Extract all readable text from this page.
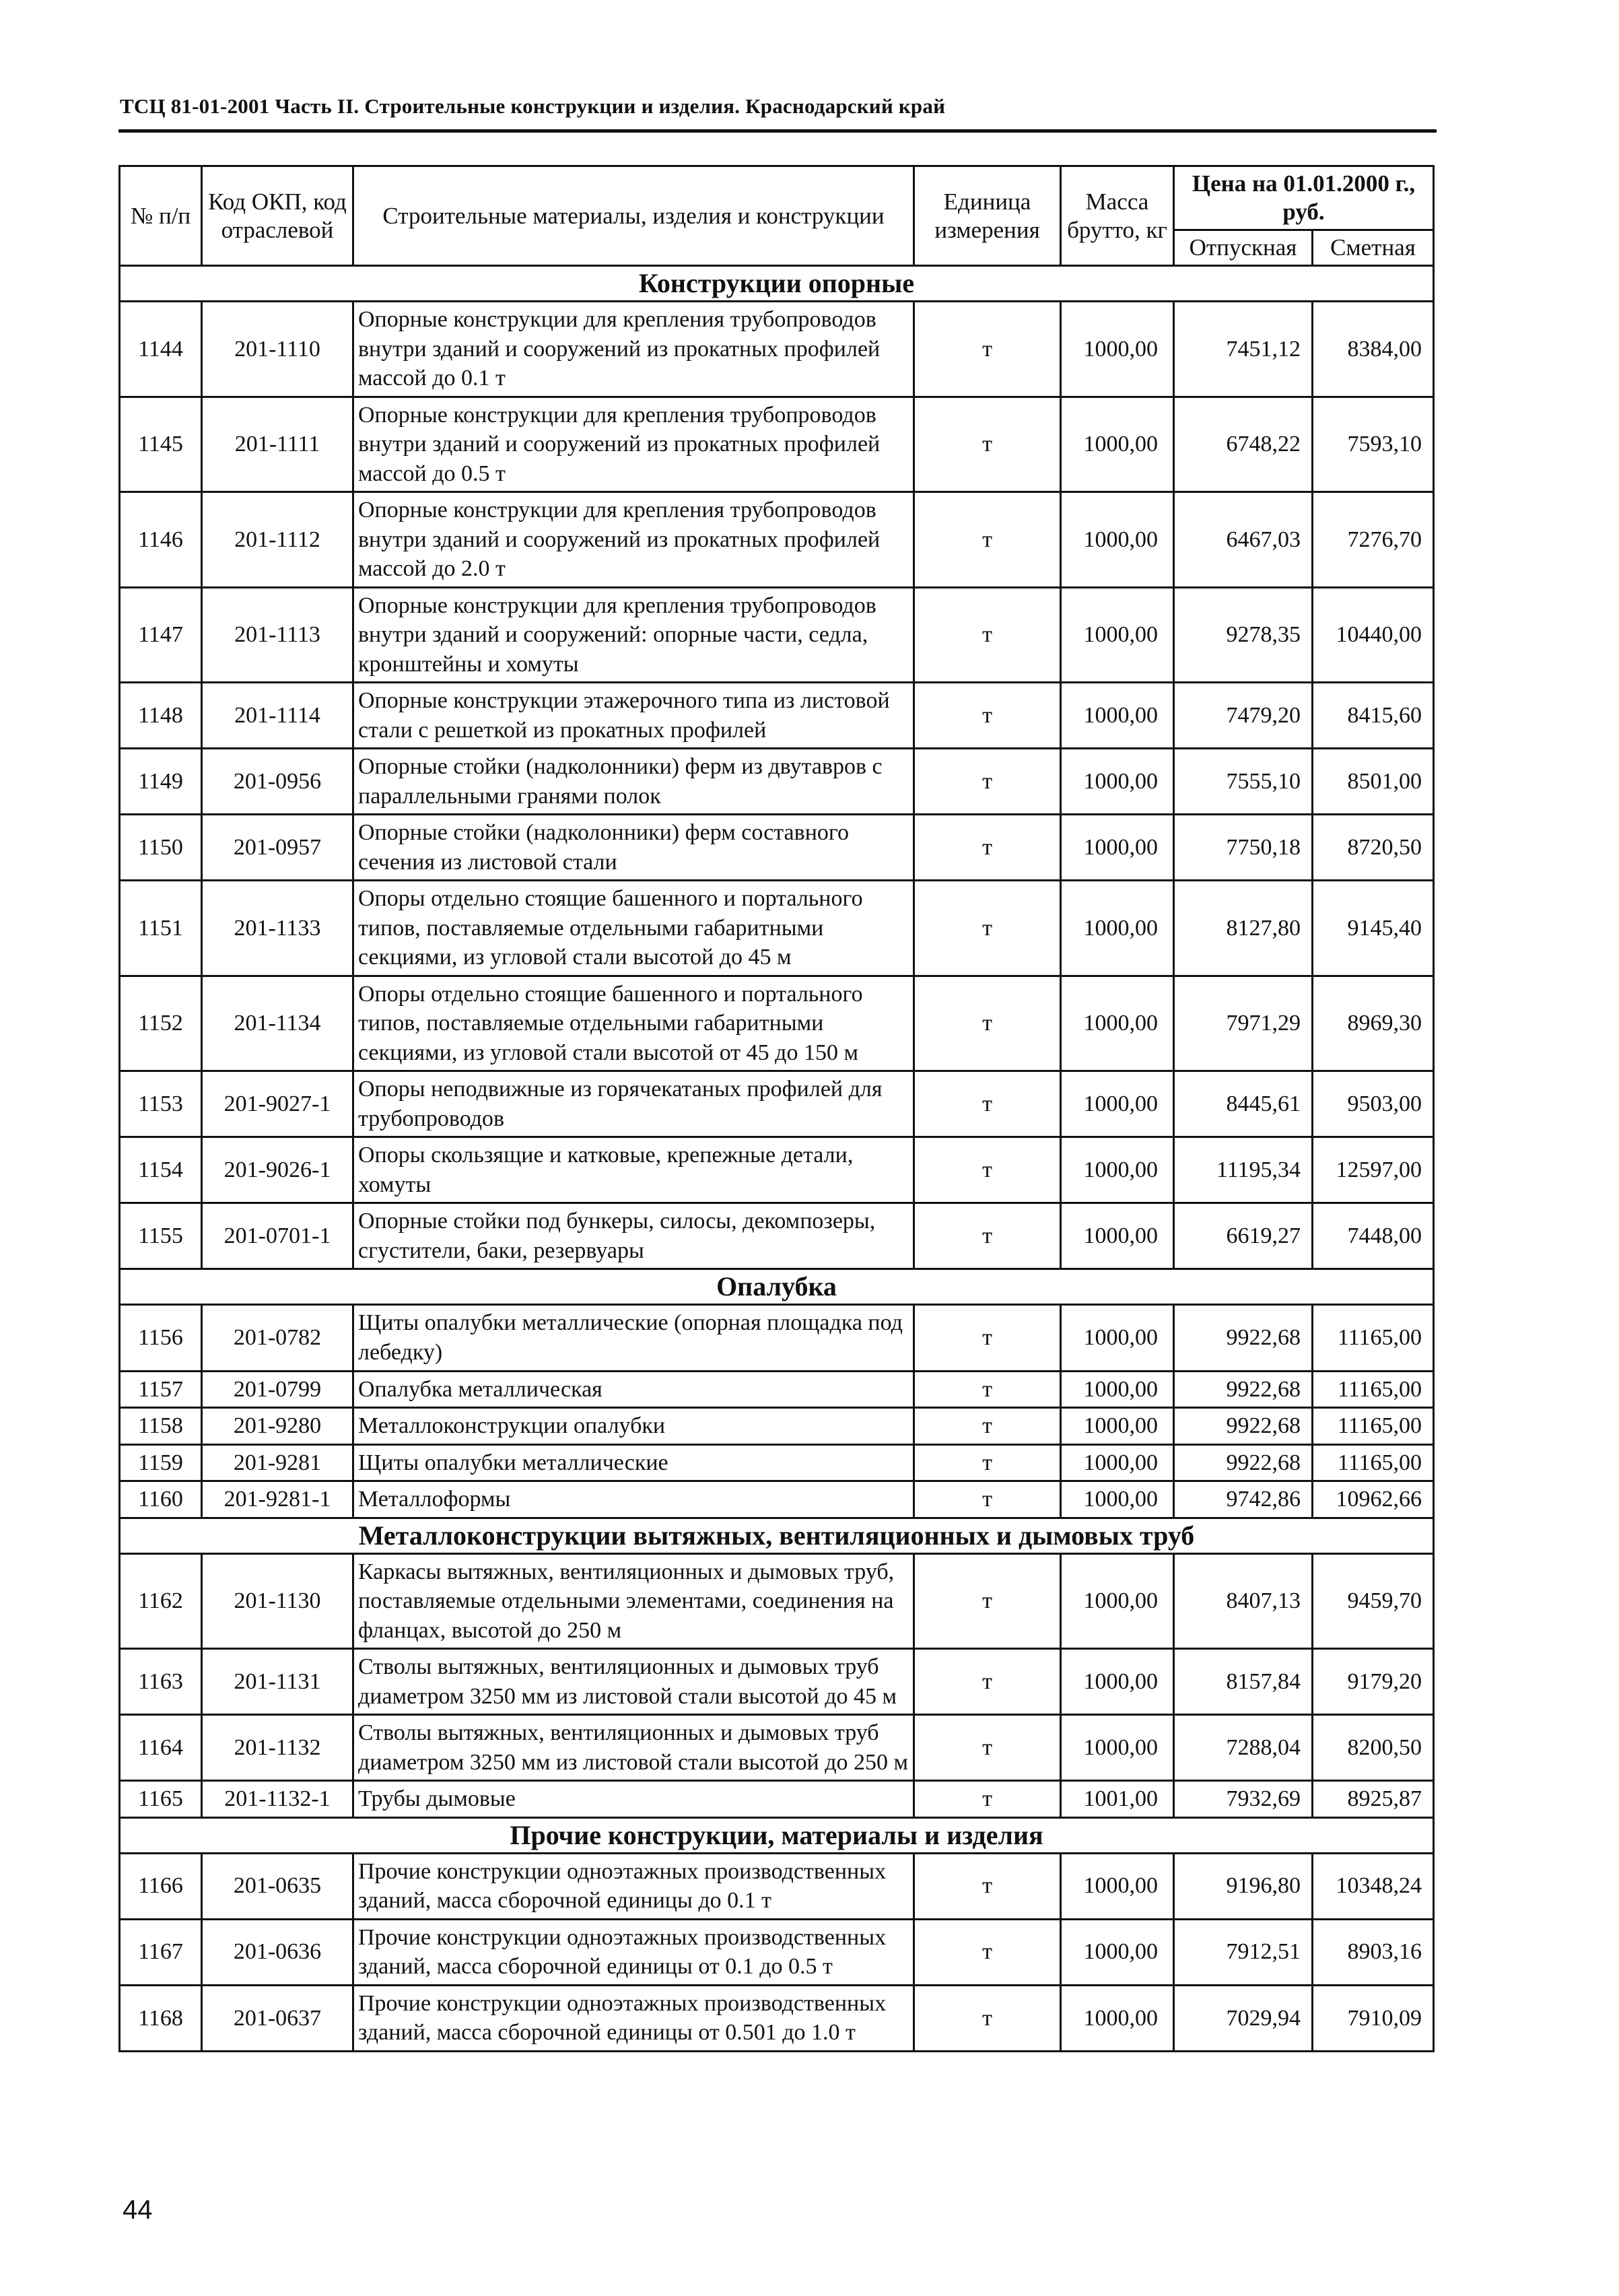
ТСЦ 81-01-2001 Часть II. Строительные конструкции и изделия. Краснодарский край
№ п/п	Код ОКП, код отраслевой	Строительные материалы, изделия и конструкции	Единица измерения	Масса брутто, кг	Цена на 01.01.2000 г., руб.	
					Отпускная	Сметная
Конструкции опорные						
1144	201-1110	Опорные конструкции для крепления трубопроводов внутри зданий и сооружений из прокатных профилей массой до 0.1 т	т	1000,00	7451,12	8384,00
1145	201-1111	Опорные конструкции для крепления трубопроводов внутри зданий и сооружений из прокатных профилей массой до 0.5 т	т	1000,00	6748,22	7593,10
1146	201-1112	Опорные конструкции для крепления трубопроводов внутри зданий и сооружений из прокатных профилей массой до 2.0 т	т	1000,00	6467,03	7276,70
1147	201-1113	Опорные конструкции для крепления трубопроводов внутри зданий и сооружений: опорные части, седла, кронштейны и хомуты	т	1000,00	9278,35	10440,00
1148	201-1114	Опорные конструкции этажерочного типа из листовой стали с решеткой из прокатных профилей	т	1000,00	7479,20	8415,60
1149	201-0956	Опорные стойки (надколонники) ферм из двутавров с параллельными гранями полок	т	1000,00	7555,10	8501,00
1150	201-0957	Опорные стойки (надколонники) ферм составного сечения из листовой стали	т	1000,00	7750,18	8720,50
1151	201-1133	Опоры отдельно стоящие башенного и портального типов, поставляемые отдельными габаритными секциями, из угловой стали высотой до 45 м	т	1000,00	8127,80	9145,40
1152	201-1134	Опоры отдельно стоящие башенного и портального типов, поставляемые отдельными габаритными секциями, из угловой стали высотой от 45 до 150 м	т	1000,00	7971,29	8969,30
1153	201-9027-1	Опоры неподвижные из горячекатаных профилей для трубопроводов	т	1000,00	8445,61	9503,00
1154	201-9026-1	Опоры скользящие и катковые, крепежные детали, хомуты	т	1000,00	11195,34	12597,00
1155	201-0701-1	Опорные стойки под бункеры, силосы, декомпозеры, сгустители, баки, резервуары	т	1000,00	6619,27	7448,00
Опалубка						
1156	201-0782	Щиты опалубки металлические (опорная площадка под лебедку)	т	1000,00	9922,68	11165,00
1157	201-0799	Опалубка металлическая	т	1000,00	9922,68	11165,00
1158	201-9280	Металлоконструкции опалубки	т	1000,00	9922,68	11165,00
1159	201-9281	Щиты опалубки металлические	т	1000,00	9922,68	11165,00
1160	201-9281-1	Металлоформы	т	1000,00	9742,86	10962,66
Металлоконструкции вытяжных, вентиляционных и дымовых труб						
1162	201-1130	Каркасы вытяжных, вентиляционных и дымовых труб, поставляемые отдельными элементами, соединения на фланцах, высотой до 250 м	т	1000,00	8407,13	9459,70
1163	201-1131	Стволы вытяжных, вентиляционных и дымовых труб диаметром 3250 мм из листовой стали высотой до 45 м	т	1000,00	8157,84	9179,20
1164	201-1132	Стволы вытяжных, вентиляционных и дымовых труб диаметром 3250 мм из листовой стали высотой до 250 м	т	1000,00	7288,04	8200,50
1165	201-1132-1	Трубы дымовые	т	1001,00	7932,69	8925,87
Прочие конструкции, материалы и изделия						
1166	201-0635	Прочие конструкции одноэтажных производственных зданий, масса сборочной единицы до 0.1 т	т	1000,00	9196,80	10348,24
1167	201-0636	Прочие конструкции одноэтажных производственных зданий, масса сборочной единицы от 0.1 до 0.5 т	т	1000,00	7912,51	8903,16
1168	201-0637	Прочие конструкции одноэтажных производственных зданий, масса сборочной единицы от 0.501 до 1.0 т	т	1000,00	7029,94	7910,09
44
